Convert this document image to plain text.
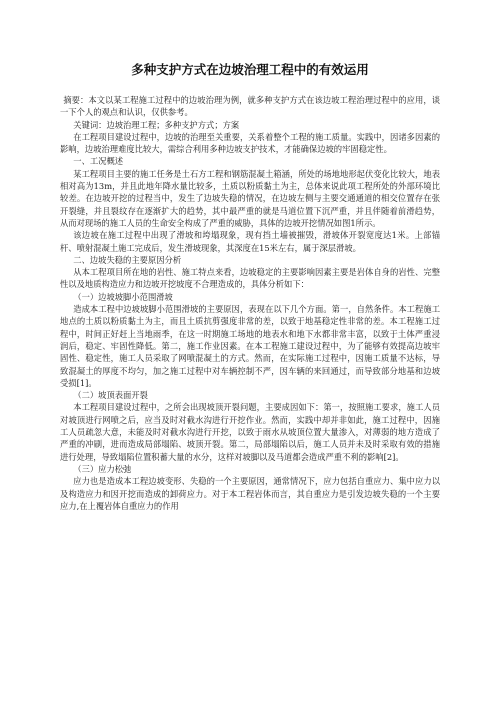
多种支护方式在边坡治理工程中的有效运用

摘要：本文以某工程施工过程中的边坡治理为例，就多种支护方式在该边坡工程治理过程中的应用，谈一下个人的观点和认识，仅供参考。

关键词：边坡治理工程；多种支护方式；方案

在工程项目建设过程中，边坡的治理至关重要，关系着整个工程的施工质量。实践中，因诸多因素的影响，边坡治理难度比较大，需综合利用多种边坡支护技术，才能确保边坡的牢固稳定性。

一、工况概述

某工程项目主要的施工任务是土石方工程和钢筋混凝土箱涵，所处的场地地形起伏变化比较大，地表相对高为13m，并且此地年降水量比较多，土质以粉质黏土为主，总体来说此项工程所处的外部环境比较差。在边坡开挖的过程当中，发生了边坡失稳的情况，在边坡左侧与主要交通通道的相交位置存在张开裂缝，并且裂纹存在逐渐扩大的趋势，其中最严重的就是马道位置下沉严重，并且伴随着前滑趋势，从而对现场的施工人员的生命安全构成了严重的威胁，具体的边坡开挖情况如图1所示。

该边坡在施工过程中出现了滑坡和垮塌现象，现有挡土墙被摧毁，滑坡体开裂宽度达1米。上部锚杆、喷射混凝土施工完成后，发生滑坡现象，其深度在15米左右，属于深层滑坡。

二、边坡失稳的主要原因分析

从本工程项目所在地的岩性、施工特点来看，边坡稳定的主要影响因素主要是岩体自身的岩性、完整性以及地质构造应力和边坡开挖坡度不合理造成的，具体分析如下：

（一）边坡坡脚小范围滑坡

造成本工程中边坡坡脚小范围滑坡的主要原因，表现在以下几个方面。第一，自然条件。本工程施工地点的土质以粉质黏土为主，而且土质抗剪强度非常的差，以致于地基稳定性非常的差。本工程施工过程中，时间正好赶上当地雨季，在这一时期施工场地的地表水和地下水都非常丰富，以致于土体严重浸润后，稳定、牢固性降低。第二，施工作业因素。在本工程施工建设过程中，为了能够有效提高边坡牢固性、稳定性，施工人员采取了网喷混凝土的方式。然而，在实际施工过程中，因施工质量不达标，导致混凝土的厚度不均匀，加之施工过程中对车辆控制不严，因车辆的来回通过，而导致部分地基和边坡受损[1]。

（二）坡顶表面开裂

本工程项目建设过程中，之所会出现坡顶开裂问题，主要成因如下：第一，按照施工要求，施工人员对坡顶进行网喷之后，应当及时对截水沟进行开挖作业。然而，实践中却并非如此，施工过程中，因施工人员疏忽大意，未能及时对截水沟进行开挖，以致于雨水从坡顶位置大量渗入，对薄弱的地方造成了严重的冲刷，进而造成局部塌陷、坡顶开裂。第二，局部塌陷以后，施工人员并未及时采取有效的措施进行处理，导致塌陷位置积蓄大量的水分，这样对坡脚以及马道都会造成严重不利的影响[2]。

（三）应力松弛

应力也是造成本工程边坡变形、失稳的一个主要原因，通常情况下，应力包括自重应力、集中应力以及构造应力和因开挖而造成的卸荷应力。对于本工程岩体而言，其自重应力是引发边坡失稳的一个主要应力,在上覆岩体自重应力的作用
